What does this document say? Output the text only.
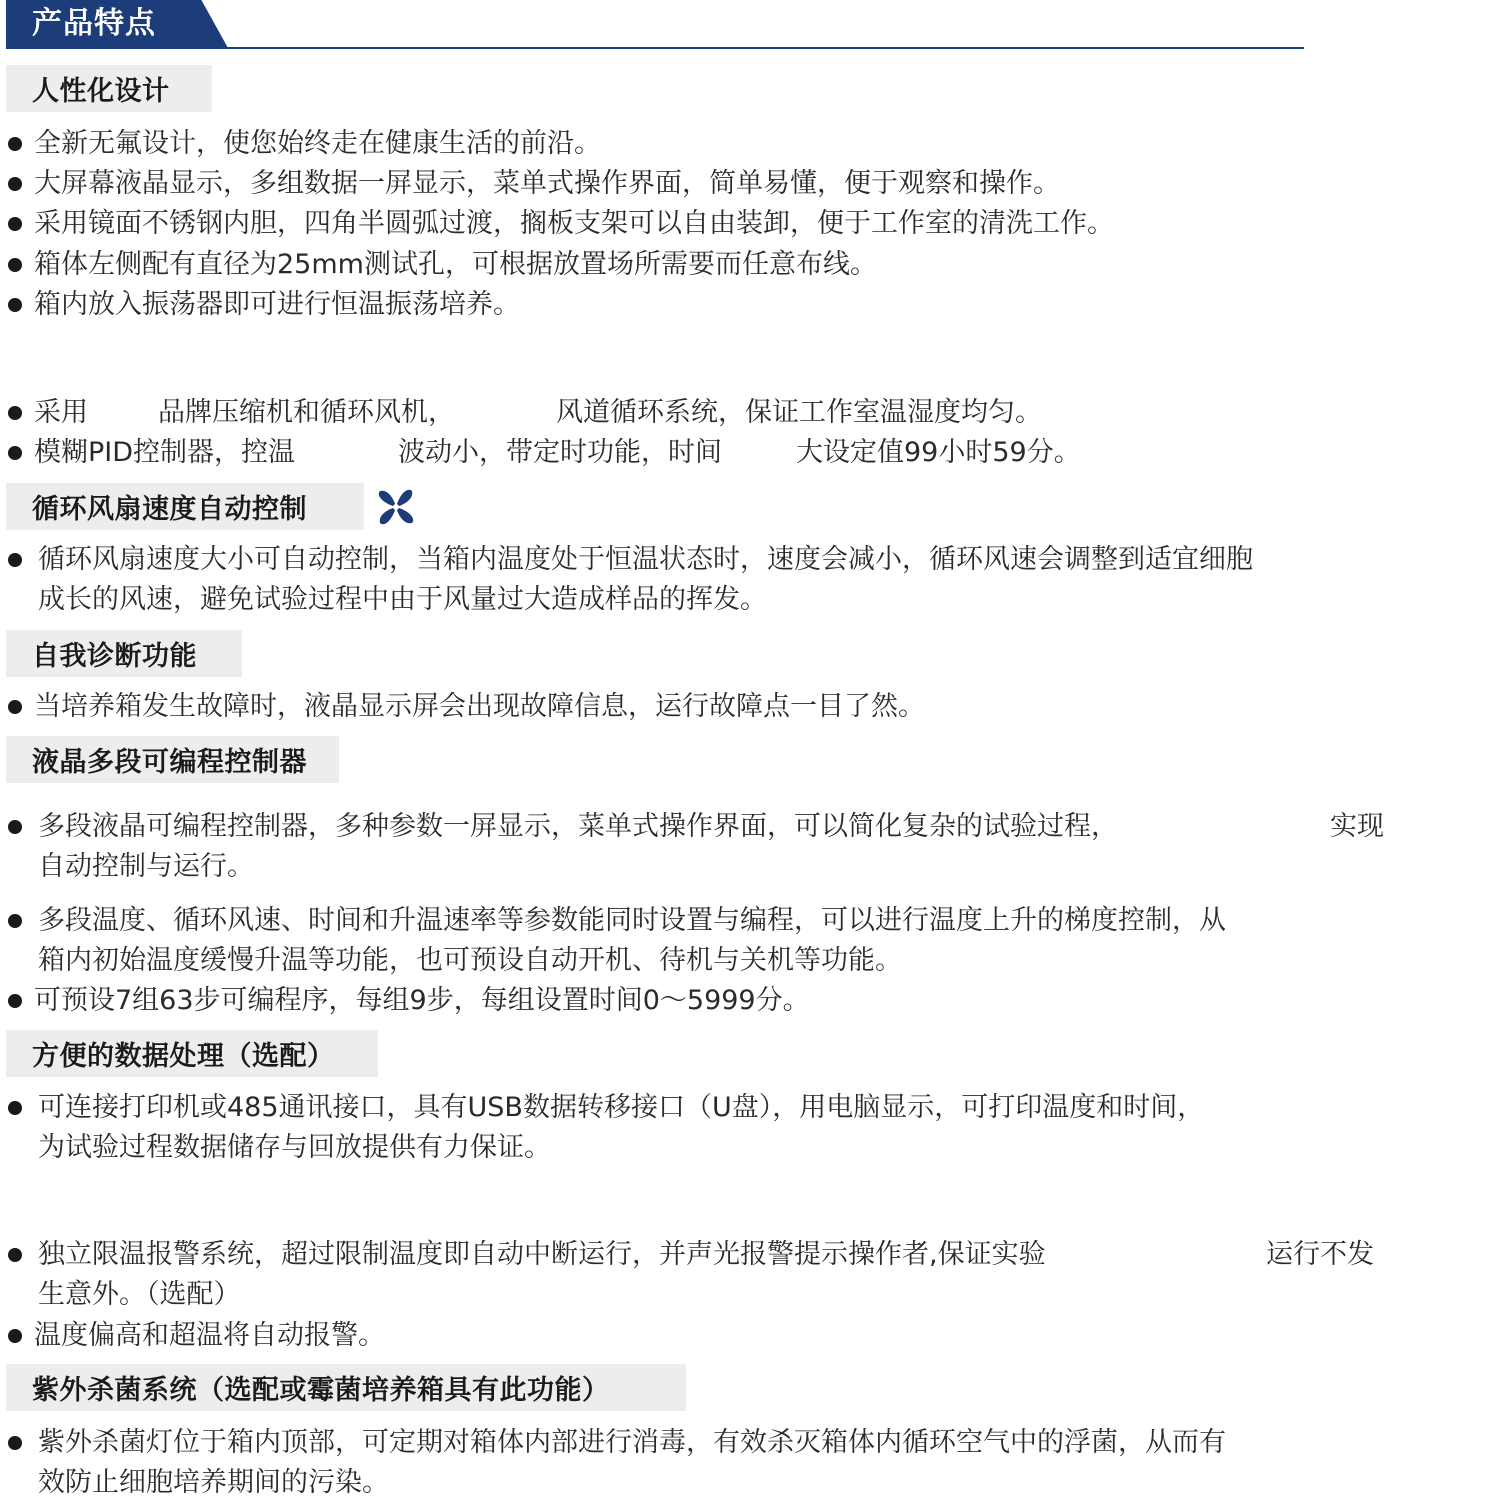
产品特点
人性化设计
全新无氟设计，使您始终走在健康生活的前沿。
大屏幕液晶显示，多组数据一屏显示，菜单式操作界面，简单易懂，便于观察和操作。
采用镜面不锈钢内胆，四角半圆弧过渡，搁板支架可以自由装卸，便于工作室的清洗工作。
箱体左侧配有直径为25mm测试孔，可根据放置场所需要而任意布线。
箱内放入振荡器即可进行恒温振荡培养。
采用	品牌压缩机和循环风机，	风道循环系统，保证工作室温湿度均匀。
模糊PID控制器，控温	波动小，带定时功能，时间	大设定值99小时59分。
循环风扇速度自动控制
循环风扇速度大小可自动控制，当箱内温度处于恒温状态时，速度会减小，循环风速会调整到适宜细胞
成长的风速，避免试验过程中由于风量过大造成样品的挥发。
自我诊断功能
当培养箱发生故障时，液晶显示屏会出现故障信息，运行故障点一目了然。
液晶多段可编程控制器
多段液晶可编程控制器，多种参数一屏显示，菜单式操作界面，可以简化复杂的试验过程，	实现
自动控制与运行。
多段温度、循环风速、时间和升温速率等参数能同时设置与编程，可以进行温度上升的梯度控制，从
箱内初始温度缓慢升温等功能，也可预设自动开机、待机与关机等功能。
可预设7组63步可编程序，每组9步，每组设置时间0～5999分。
方便的数据处理（选配）
可连接打印机或485通讯接口，具有USB数据转移接口（U盘），用电脑显示，可打印温度和时间，
为试验过程数据储存与回放提供有力保证。
独立限温报警系统，超过限制温度即自动中断运行，并声光报警提示操作者,保证实验	运行不发
生意外。（选配）
温度偏高和超温将自动报警。
紫外杀菌系统（选配或霉菌培养箱具有此功能）
紫外杀菌灯位于箱内顶部，可定期对箱体内部进行消毒，有效杀灭箱体内循环空气中的浮菌，从而有
效防止细胞培养期间的污染。
